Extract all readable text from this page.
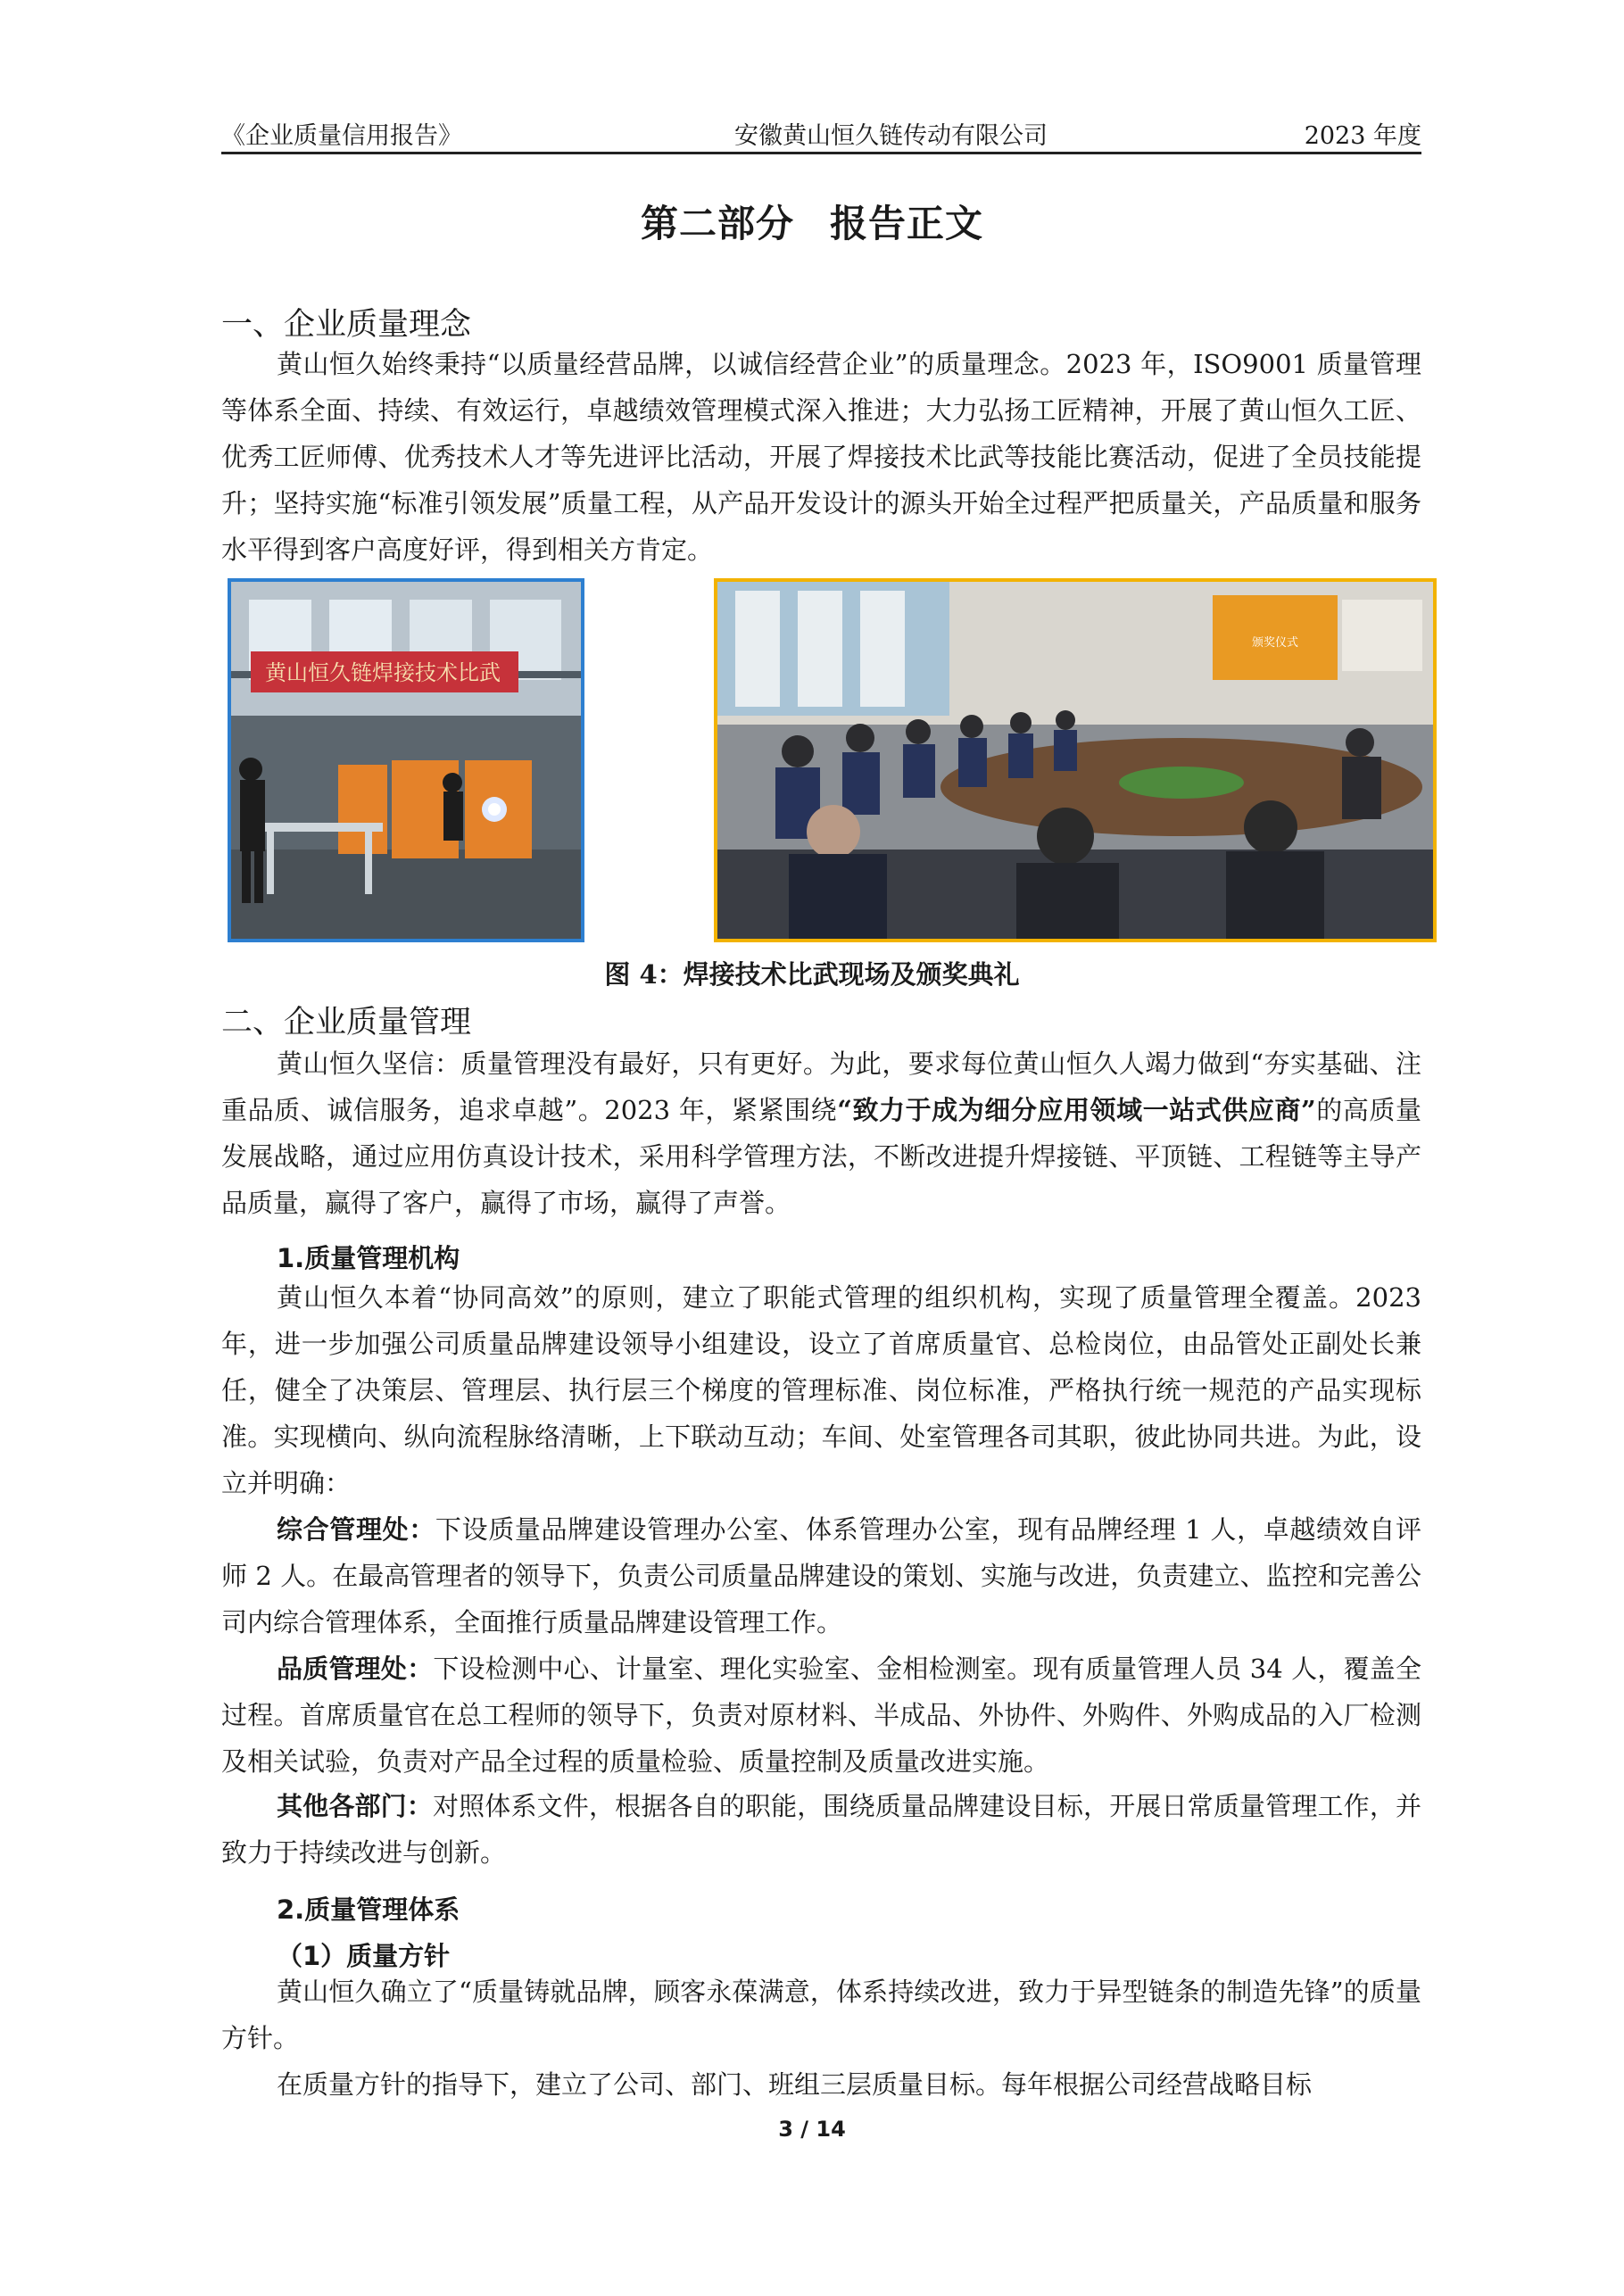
《企业质量信用报告》	安徽黄山恒久链传动有限公司	2023 年度
第二部分 报告正文
一、企业质量理念

黄山恒久始终秉持“以质量经营品牌，以诚信经营企业”的质量理念。2023 年，ISO9001 质量管理等体系全面、持续、有效运行，卓越绩效管理模式深入推进；大力弘扬工匠精神，开展了黄山恒久工匠、优秀工匠师傅、优秀技术人才等先进评比活动，开展了焊接技术比武等技能比赛活动，促进了全员技能提升；坚持实施“标准引领发展”质量工程，从产品开发设计的源头开始全过程严把质量关，产品质量和服务水平得到客户高度好评，得到相关方肯定。

黄山恒久链焊接技术比武
颁奖仪式
图 4：焊接技术比武现场及颁奖典礼
二、企业质量管理

黄山恒久坚信：质量管理没有最好，只有更好。为此，要求每位黄山恒久人竭力做到“夯实基础、注重品质、诚信服务，追求卓越”。2023 年，紧紧围绕“致力于成为细分应用领域一站式供应商”的高质量发展战略，通过应用仿真设计技术，采用科学管理方法，不断改进提升焊接链、平顶链、工程链等主导产品质量，赢得了客户，赢得了市场，赢得了声誉。

1.质量管理机构

黄山恒久本着“协同高效”的原则，建立了职能式管理的组织机构，实现了质量管理全覆盖。2023 年，进一步加强公司质量品牌建设领导小组建设，设立了首席质量官、总检岗位，由品管处正副处长兼任，健全了决策层、管理层、执行层三个梯度的管理标准、岗位标准，严格执行统一规范的产品实现标准。实现横向、纵向流程脉络清晰，上下联动互动；车间、处室管理各司其职，彼此协同共进。为此，设立并明确：

综合管理处：下设质量品牌建设管理办公室、体系管理办公室，现有品牌经理 1 人，卓越绩效自评师 2 人。在最高管理者的领导下，负责公司质量品牌建设的策划、实施与改进，负责建立、监控和完善公司内综合管理体系，全面推行质量品牌建设管理工作。

品质管理处：下设检测中心、计量室、理化实验室、金相检测室。现有质量管理人员 34 人，覆盖全过程。首席质量官在总工程师的领导下，负责对原材料、半成品、外协件、外购件、外购成品的入厂检测及相关试验，负责对产品全过程的质量检验、质量控制及质量改进实施。

其他各部门：对照体系文件，根据各自的职能，围绕质量品牌建设目标，开展日常质量管理工作，并致力于持续改进与创新。

2.质量管理体系
（1）质量方针

黄山恒久确立了“质量铸就品牌，顾客永葆满意，体系持续改进，致力于异型链条的制造先锋”的质量方针。

在质量方针的指导下，建立了公司、部门、班组三层质量目标。每年根据公司经营战略目标

3 / 14
